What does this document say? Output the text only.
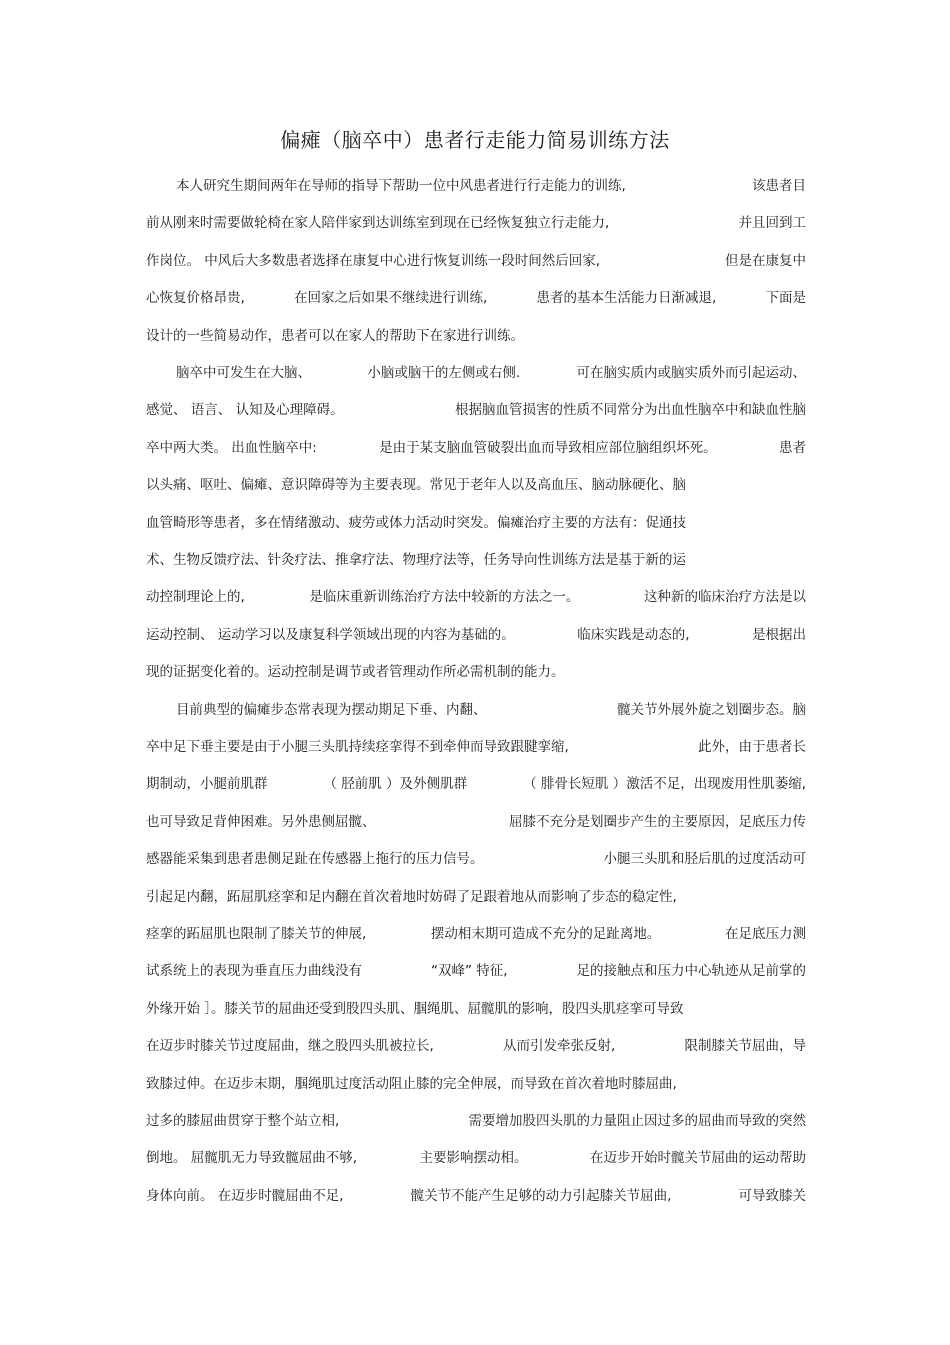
偏瘫（脑卒中）患者行走能力简易训练方法
本人研究生期间两年在导师的指导下帮助一位中风患者进行行走能力的训练,	该患者目
前从刚来时需要做轮椅在家人陪伴家到达训练室到现在已经恢复独立行走能力,	并且回到工
作岗位。 中风后大多数患者选择在康复中心进行恢复训练一段时间然后回家,	但是在康复中
心恢复价格昂贵,	在回家之后如果不继续进行训练,	患者的基本生活能力日渐减退,	下面是
设计的一些简易动作，患者可以在家人的帮助下在家进行训练。
脑卒中可发生在大脑、	小脑或脑干的左侧或右侧.	可在脑实质内或脑实质外而引起运动、
感觉、 语言、 认知及心理障碍。	根据脑血管损害的性质不同常分为出血性脑卒中和缺血性脑
卒中两大类。 出血性脑卒中:	是由于某支脑血管破裂出血而导致相应部位脑组织坏死。	患者
以头痛、呕吐、偏瘫、意识障碍等为主要表现。常见于老年人以及高血压、脑动脉硬化、脑
血管畸形等患者，多在情绪激动、疲劳或体力活动时突发。偏瘫治疗主要的方法有：促通技
术、生物反馈疗法、针灸疗法、推拿疗法、物理疗法等，任务导向性训练方法是基于新的运
动控制理论上的,	是临床重新训练治疗方法中较新的方法之一。	这种新的临床治疗方法是以
运动控制、 运动学习以及康复科学领域出现的内容为基础的。	临床实践是动态的,	是根据出
现的证据变化着的。运动控制是调节或者管理动作所必需机制的能力。
目前典型的偏瘫步态常表现为摆动期足下垂、内翻、	髋关节外展外旋之划圈步态。脑
卒中足下垂主要是由于小腿三头肌持续痉挛得不到牵伸而导致跟腱挛缩,	此外，由于患者长
期制动，小腿前肌群	（ 胫前肌 ）及外侧肌群	（ 腓骨长短肌 ）激活不足，出现废用性肌萎缩,
也可导致足背伸困难。另外患侧屈髋、	屈膝不充分是划圈步产生的主要原因，足底压力传
感器能采集到患者患侧足趾在传感器上拖行的压力信号。	小腿三头肌和胫后肌的过度活动可
引起足内翻，跖屈肌痉挛和足内翻在首次着地时妨碍了足跟着地从而影响了步态的稳定性,
痉挛的跖屈肌也限制了膝关节的伸展,	摆动相末期可造成不充分的足趾离地。	在足底压力测
试系统上的表现为垂直压力曲线没有	“双峰” 特征,	足的接触点和压力中心轨迹从足前掌的
外缘开始 ］。膝关节的屈曲还受到股四头肌、腘绳肌、屈髋肌的影响，股四头肌痉挛可导致
在迈步时膝关节过度屈曲，继之股四头肌被拉长,	从而引发牵张反射,	限制膝关节屈曲，导
致膝过伸。在迈步末期，腘绳肌过度活动阻止膝的完全伸展，而导致在首次着地时膝屈曲,
过多的膝屈曲贯穿于整个站立相,	需要增加股四头肌的力量阻止因过多的屈曲而导致的突然
倒地。 屈髋肌无力导致髋屈曲不够,	主要影响摆动相。	在迈步开始时髋关节屈曲的运动帮助
身体向前。 在迈步时髋屈曲不足,	髋关节不能产生足够的动力引起膝关节屈曲,	可导致膝关
